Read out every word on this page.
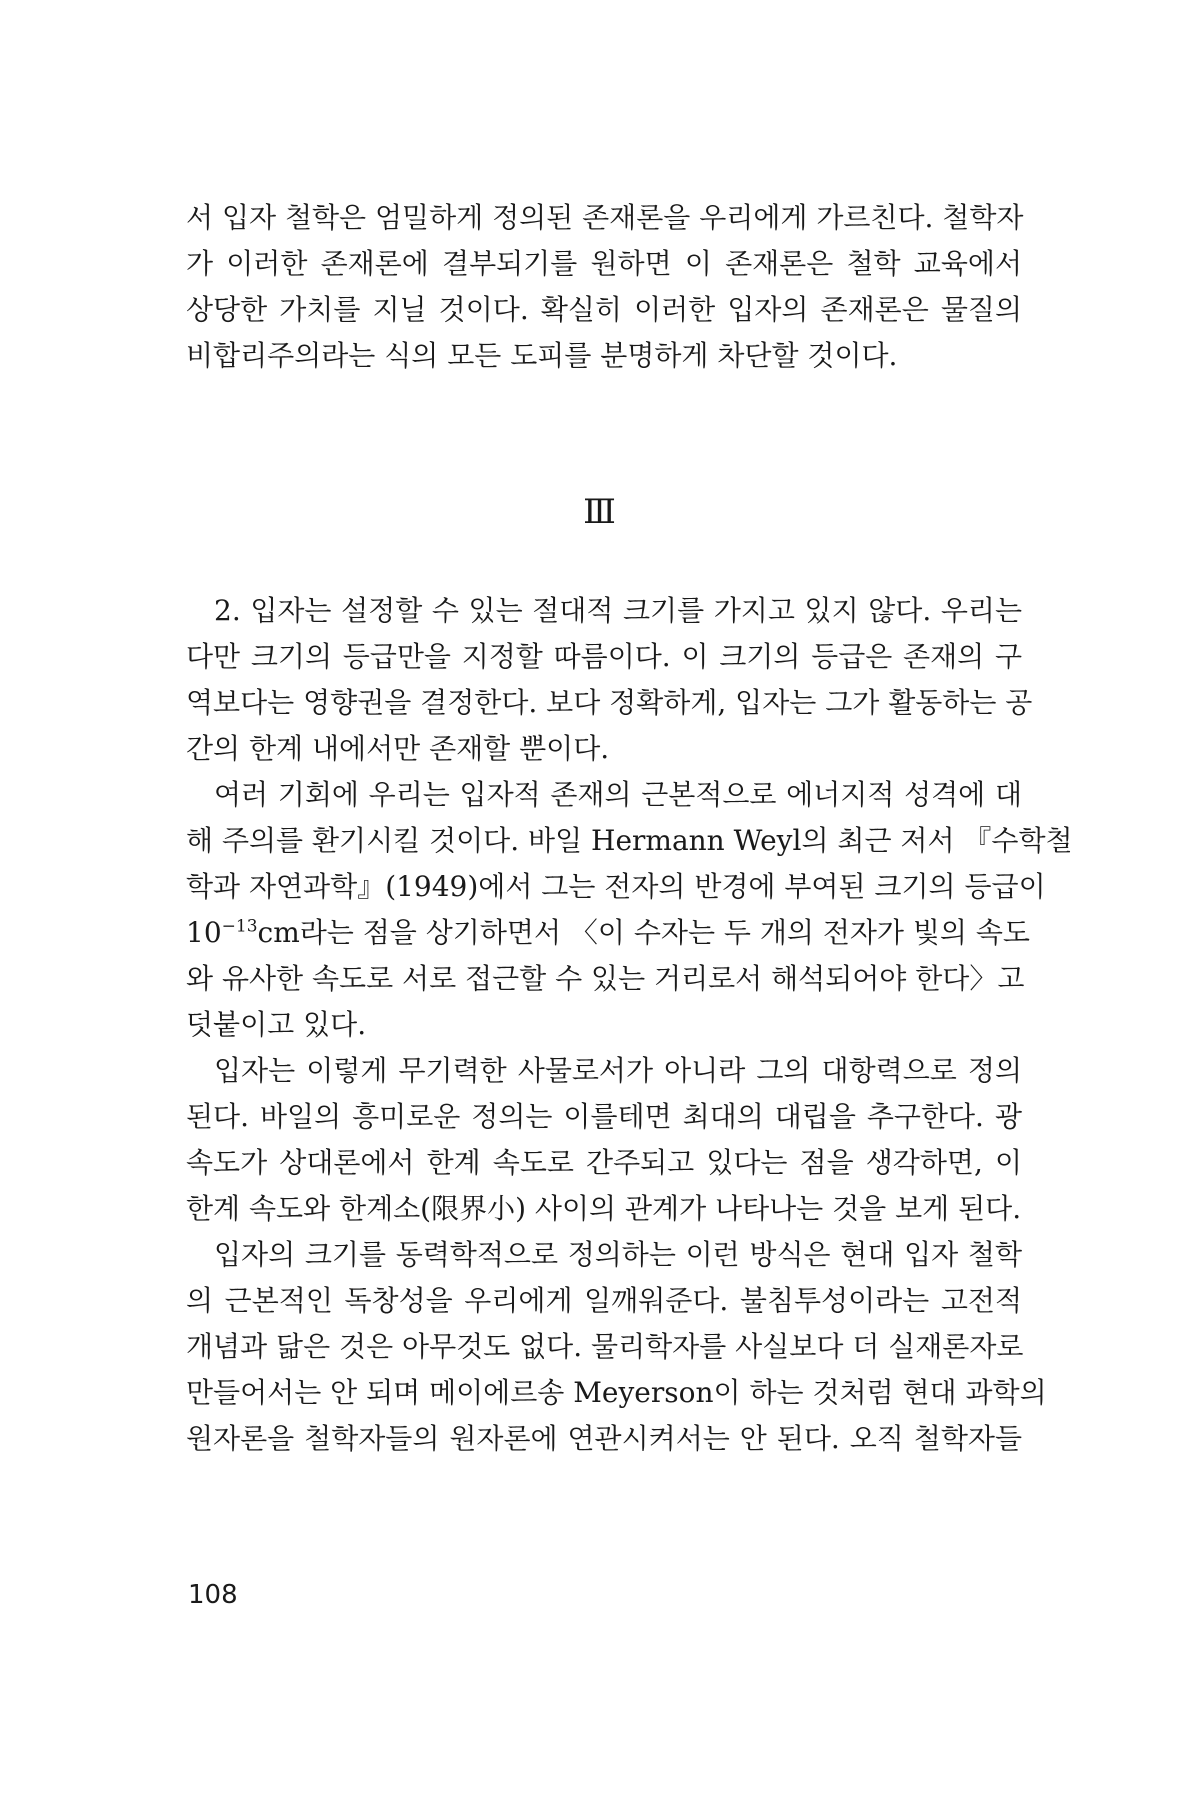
서 입자 철학은 엄밀하게 정의된 존재론을 우리에게 가르친다. 철학자
가 이러한 존재론에 결부되기를 원하면 이 존재론은 철학 교육에서
상당한 가치를 지닐 것이다. 확실히 이러한 입자의 존재론은 물질의
비합리주의라는 식의 모든 도피를 분명하게 차단할 것이다.
Ⅲ
2. 입자는 설정할 수 있는 절대적 크기를 가지고 있지 않다. 우리는
다만 크기의 등급만을 지정할 따름이다. 이 크기의 등급은 존재의 구
역보다는 영향권을 결정한다. 보다 정확하게, 입자는 그가 활동하는 공
간의 한계 내에서만 존재할 뿐이다.
여러 기회에 우리는 입자적 존재의 근본적으로 에너지적 성격에 대
해 주의를 환기시킬 것이다. 바일 Hermann Weyl의 최근 저서 『수학철
학과 자연과학』(1949)에서 그는 전자의 반경에 부여된 크기의 등급이
$10^{-13}cm$라는 점을 상기하면서 〈이 수자는 두 개의 전자가 빛의 속도
와 유사한 속도로 서로 접근할 수 있는 거리로서 해석되어야 한다〉고
덧붙이고 있다.
입자는 이렇게 무기력한 사물로서가 아니라 그의 대항력으로 정의
된다. 바일의 흥미로운 정의는 이를테면 최대의 대립을 추구한다. 광
속도가 상대론에서 한계 속도로 간주되고 있다는 점을 생각하면, 이
한계 속도와 한계소(限界小) 사이의 관계가 나타나는 것을 보게 된다.
입자의 크기를 동력학적으로 정의하는 이런 방식은 현대 입자 철학
의 근본적인 독창성을 우리에게 일깨워준다. 불침투성이라는 고전적
개념과 닮은 것은 아무것도 없다. 물리학자를 사실보다 더 실재론자로
만들어서는 안 되며 메이에르송 Meyerson이 하는 것처럼 현대 과학의
원자론을 철학자들의 원자론에 연관시켜서는 안 된다. 오직 철학자들
108
